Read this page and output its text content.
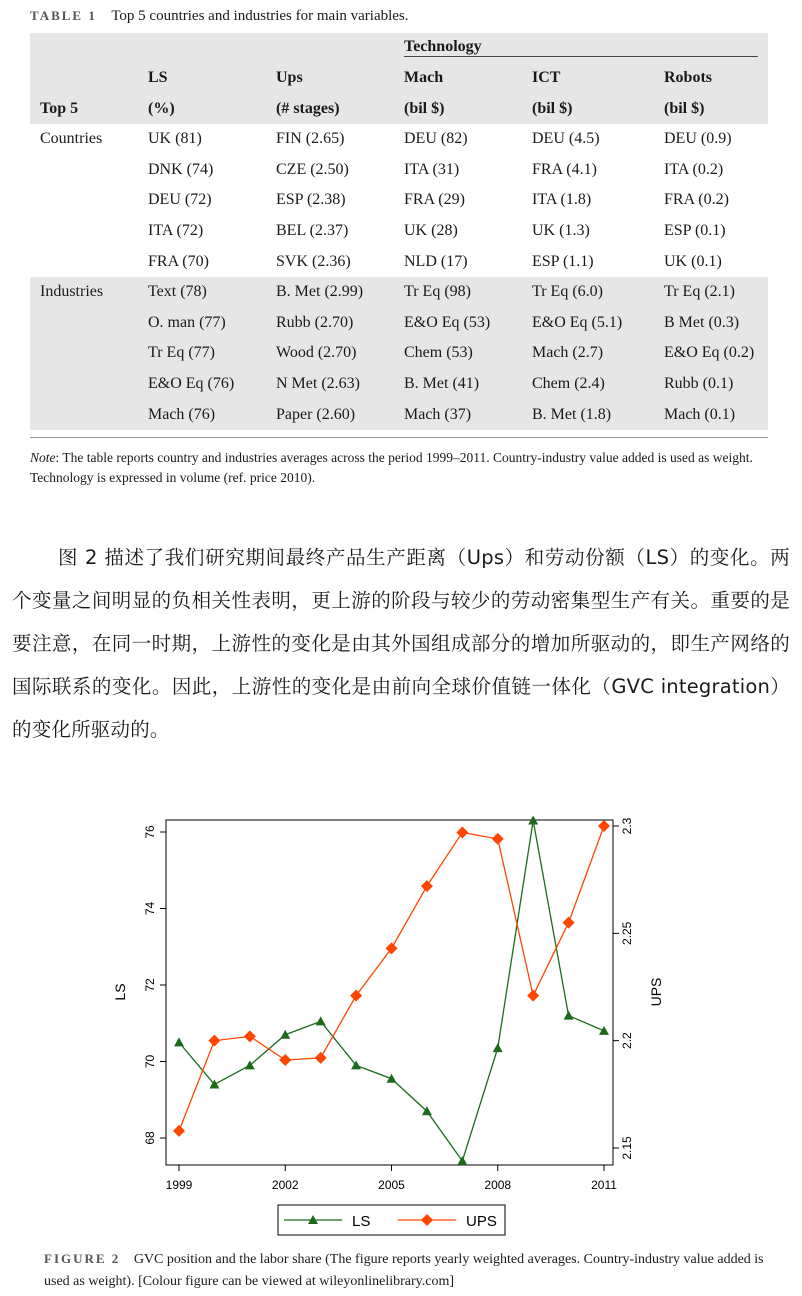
TABLE 1 Top 5 countries and industries for main variables.

			Technology		

	LS	Ups	Mach	ICT	Robots
Top 5	(%)	(# stages)	(bil $)	(bil $)	(bil $)
Countries	UK (81)	FIN (2.65)	DEU (82)	DEU (4.5)	DEU (0.9)
	DNK (74)	CZE (2.50)	ITA (31)	FRA (4.1)	ITA (0.2)
	DEU (72)	ESP (2.38)	FRA (29)	ITA (1.8)	FRA (0.2)
	ITA (72)	BEL (2.37)	UK (28)	UK (1.3)	ESP (0.1)
	FRA (70)	SVK (2.36)	NLD (17)	ESP (1.1)	UK (0.1)
Industries	Text (78)	B. Met (2.99)	Tr Eq (98)	Tr Eq (6.0)	Tr Eq (2.1)
	O. man (77)	Rubb (2.70)	E&O Eq (53)	E&O Eq (5.1)	B Met (0.3)
	Tr Eq (77)	Wood (2.70)	Chem (53)	Mach (2.7)	E&O Eq (0.2)
	E&O Eq (76)	N Met (2.63)	B. Met (41)	Chem (2.4)	Rubb (0.1)
	Mach (76)	Paper (2.60)	Mach (37)	B. Met (1.8)	Mach (0.1)
Note: The table reports country and industries averages across the period 1999–2011. Country-industry value added is used as weight. Technology is expressed in volume (ref. price 2010).
图 2 描述了我们研究期间最终产品生产距离（Ups）和劳动份额（LS）的变化。两个变量之间明显的负相关性表明，更上游的阶段与较少的劳动密集型生产有关。重要的是要注意，在同一时期，上游性的变化是由其外国组成部分的增加所驱动的，即生产网络的国际联系的变化。因此，上游性的变化是由前向全球价值链一体化（GVC integration）的变化所驱动的。
1999	2002	2005	2008	2011
68
70
72
74
76
2.15
2.2
2.25
2.3
LS	UPS
LS	UPS
FIGURE 2 GVC position and the labor share (The figure reports yearly weighted averages. Country-industry value added is used as weight). [Colour figure can be viewed at wileyonlinelibrary.com]
